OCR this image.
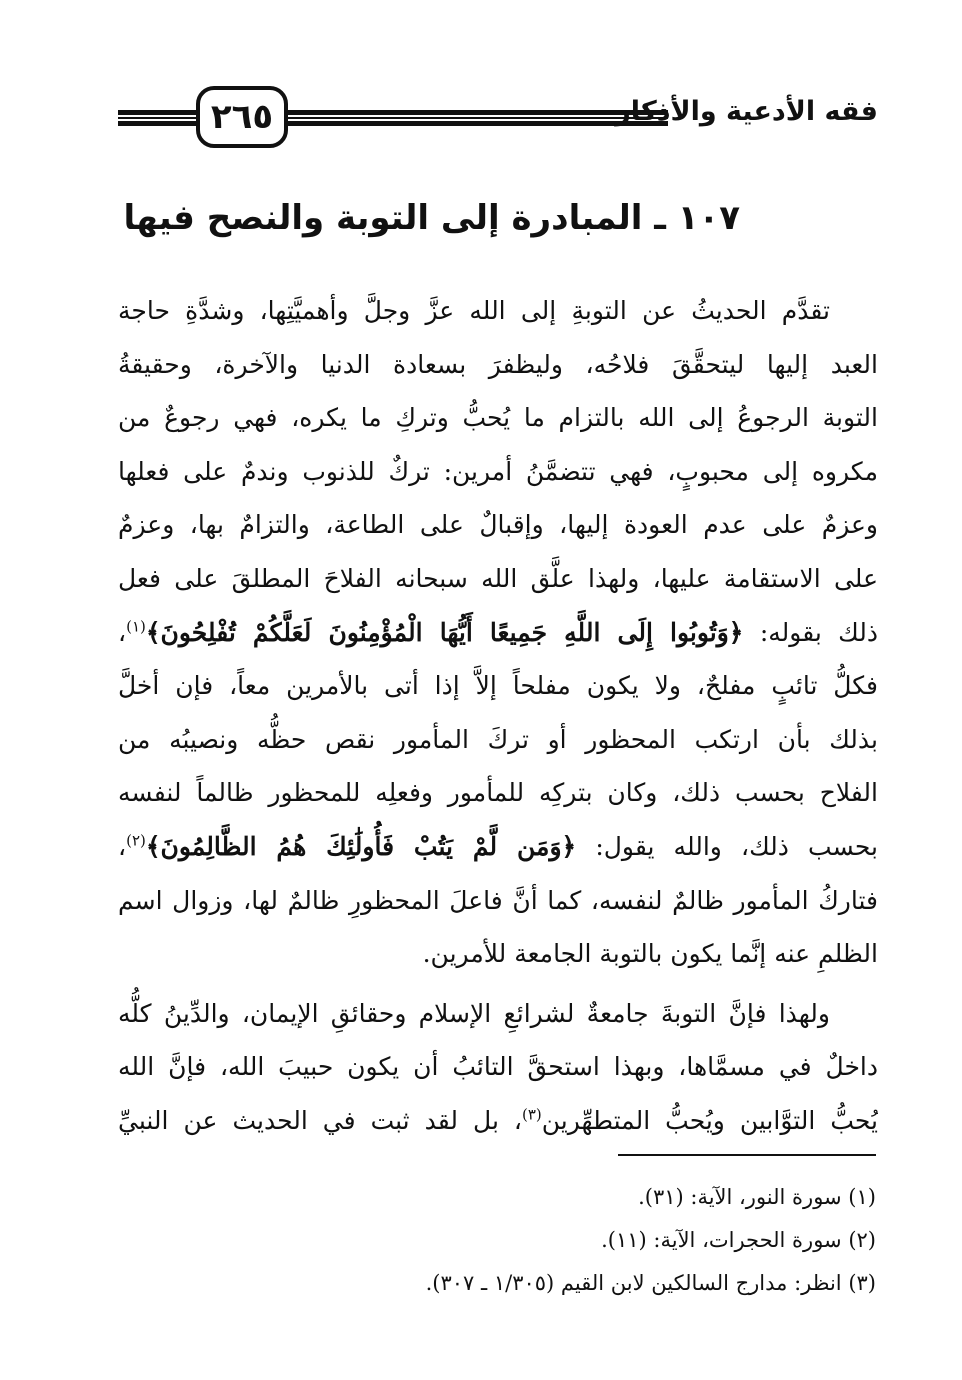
٢٦٥	فقه الأدعية والأذكار
١٠٧ ـ المبادرة إلى التوبة والنصح فيها
تقدَّم الحديثُ عن التوبةِ إلى الله عزَّ وجلَّ وأهميَّتِها، وشدَّةِ حاجة
العبد إليها ليتحقَّقَ فلاحُه، وليظفرَ بسعادة الدنيا والآخرة، وحقيقةُ
التوبة الرجوعُ إلى الله بالتزام ما يُحبُّ وتركِ ما يكره، فهي رجوعٌ من
مكروه إلى محبوبٍ، فهي تتضمَّنُ أمرين: تركٌ للذنوب وندمٌ على فعلها
وعزمٌ على عدم العودة إليها، وإقبالٌ على الطاعة، والتزامٌ بها، وعزمٌ
على الاستقامة عليها، ولهذا علَّق الله سبحانه الفلاحَ المطلقَ على فعل
ذلك بقوله: ﴿وَتُوبُوا إِلَى اللَّهِ جَمِيعًا أَيُّهَا الْمُؤْمِنُونَ لَعَلَّكُمْ تُفْلِحُونَ﴾$^{(١)}$،
فكلُّ تائبٍ مفلحٌ، ولا يكون مفلحاً إلاَّ إذا أتى بالأمرين معاً، فإن أخلَّ
بذلك بأن ارتكب المحظور أو تركَ المأمور نقص حظُّه ونصيبُه من
الفلاح بحسب ذلك، وكان بتركِه للمأمور وفعلِه للمحظور ظالماً لنفسه
بحسب ذلك، والله يقول: ﴿وَمَن لَّمْ يَتُبْ فَأُولَٰئِكَ هُمُ الظَّالِمُونَ﴾$^{(٢)}$،
فتاركُ المأمور ظالمٌ لنفسه، كما أنَّ فاعلَ المحظورِ ظالمٌ لها، وزوال اسم
الظلمِ عنه إنَّما يكون بالتوبة الجامعة للأمرين.
ولهذا فإنَّ التوبةَ جامعةٌ لشرائعِ الإسلام وحقائقِ الإيمان، والدِّينُ كلُّه
داخلٌ في مسمَّاها، وبهذا استحقَّ التائبُ أن يكون حبيبَ الله، فإنَّ الله
يُحبُّ التوَّابين ويُحبُّ المتطهِّرين$^{(٣)}$، بل لقد ثبت في الحديث عن النبيِّ
(١) سورة النور، الآية: (٣١).
(٢) سورة الحجرات، الآية: (١١).
(٣) انظر: مدارج السالكين لابن القيم (١/٣٠٥ ـ ٣٠٧).
